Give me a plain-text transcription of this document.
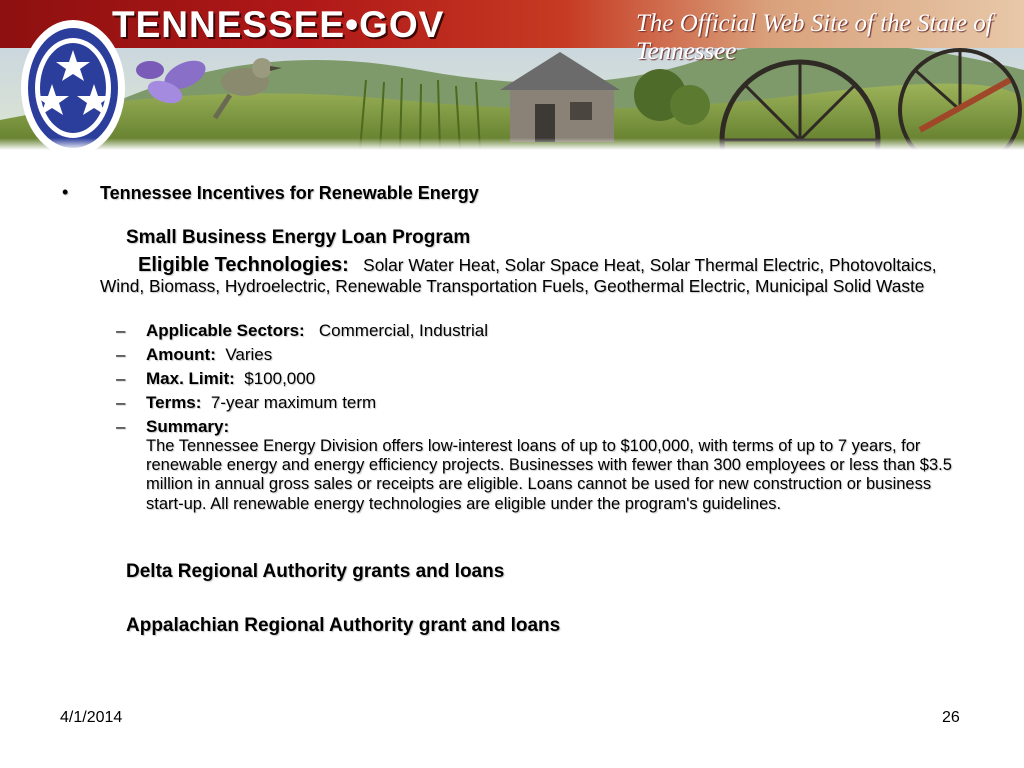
TENNESSEE•GOV	The Official Web Site of the State of Tennessee
• Tennessee Incentives for Renewable Energy
Small Business Energy Loan Program
Eligible Technologies: Solar Water Heat, Solar Space Heat, Solar Thermal Electric, Photovoltaics, Wind, Biomass, Hydroelectric, Renewable Transportation Fuels, Geothermal Electric, Municipal Solid Waste
– Applicable Sectors: Commercial, Industrial
– Amount: Varies
– Max. Limit: $100,000
– Terms: 7-year maximum term
– Summary:
The Tennessee Energy Division offers low-interest loans of up to $100,000, with terms of up to 7 years, for renewable energy and energy efficiency projects. Businesses with fewer than 300 employees or less than $3.5 million in annual gross sales or receipts are eligible. Loans cannot be used for new construction or business start-up. All renewable energy technologies are eligible under the program's guidelines.
Delta Regional Authority grants and loans
Appalachian Regional Authority grant and loans
4/1/2014	26
